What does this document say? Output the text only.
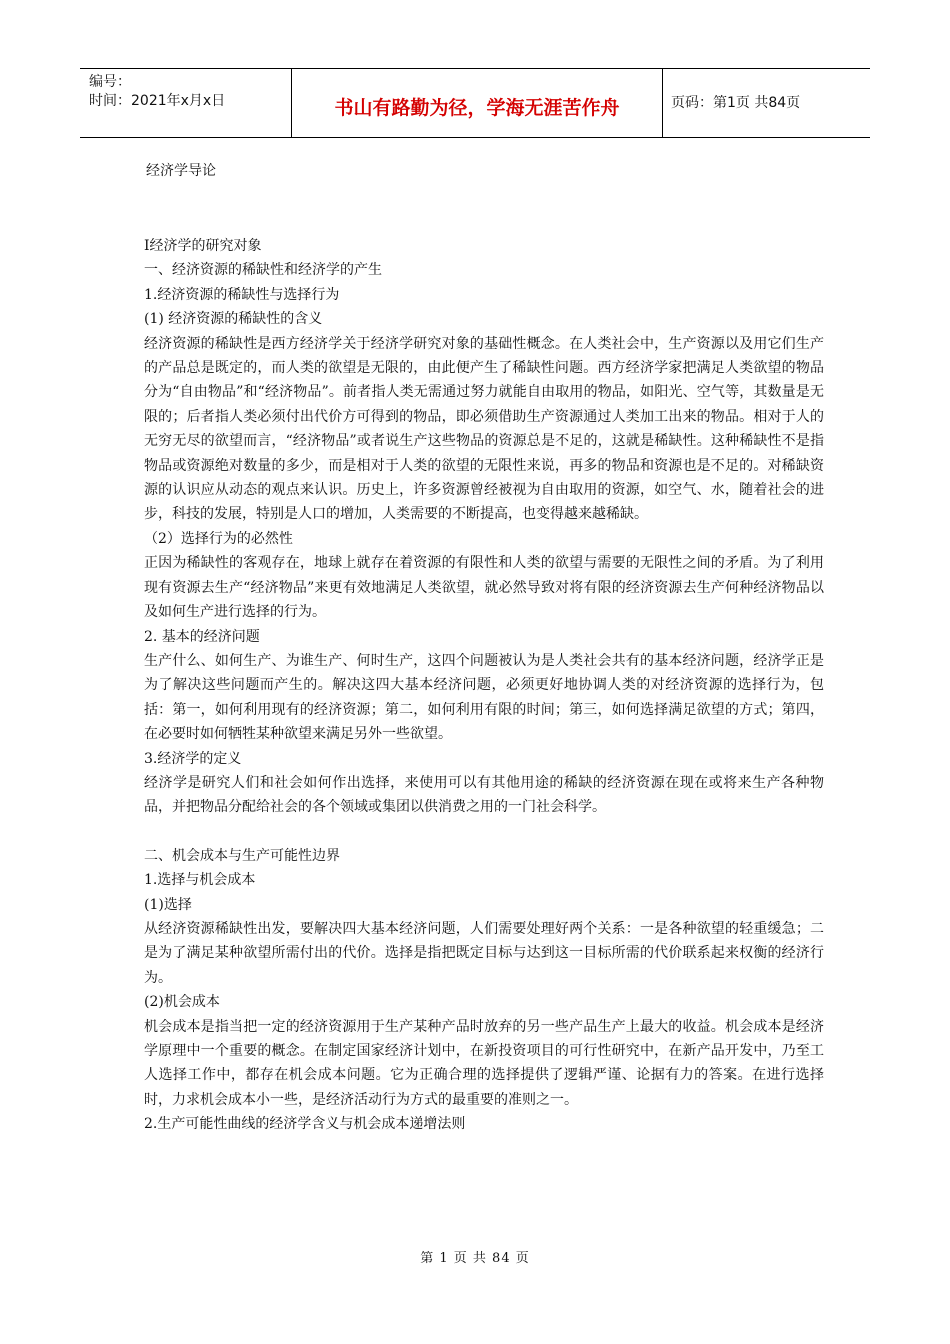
编号：
时间：2021年x月x日	书山有路勤为径，学海无涯苦作舟	页码：第1页 共84页
经济学导论

Ⅰ经济学的研究对象

一、经济资源的稀缺性和经济学的产生

1.经济资源的稀缺性与选择行为

(1) 经济资源的稀缺性的含义

经济资源的稀缺性是西方经济学关于经济学研究对象的基础性概念。在人类社会中，生产资源以及用它们生产的产品总是既定的，而人类的欲望是无限的，由此便产生了稀缺性问题。西方经济学家把满足人类欲望的物品分为“自由物品”和“经济物品”。前者指人类无需通过努力就能自由取用的物品，如阳光、空气等，其数量是无限的；后者指人类必须付出代价方可得到的物品，即必须借助生产资源通过人类加工出来的物品。相对于人的无穷无尽的欲望而言，“经济物品”或者说生产这些物品的资源总是不足的，这就是稀缺性。这种稀缺性不是指物品或资源绝对数量的多少，而是相对于人类的欲望的无限性来说，再多的物品和资源也是不足的。对稀缺资源的认识应从动态的观点来认识。历史上，许多资源曾经被视为自由取用的资源，如空气、水，随着社会的进步，科技的发展，特别是人口的增加，人类需要的不断提高，也变得越来越稀缺。

（2）选择行为的必然性

正因为稀缺性的客观存在，地球上就存在着资源的有限性和人类的欲望与需要的无限性之间的矛盾。为了利用现有资源去生产“经济物品”来更有效地满足人类欲望，就必然导致对将有限的经济资源去生产何种经济物品以及如何生产进行选择的行为。

2. 基本的经济问题

生产什么、如何生产、为谁生产、何时生产，这四个问题被认为是人类社会共有的基本经济问题，经济学正是为了解决这些问题而产生的。解决这四大基本经济问题，必须更好地协调人类的对经济资源的选择行为，包括：第一，如何利用现有的经济资源；第二，如何利用有限的时间；第三，如何选择满足欲望的方式；第四，在必要时如何牺牲某种欲望来满足另外一些欲望。

3.经济学的定义

经济学是研究人们和社会如何作出选择，来使用可以有其他用途的稀缺的经济资源在现在或将来生产各种物品，并把物品分配给社会的各个领域或集团以供消费之用的一门社会科学。

二、机会成本与生产可能性边界

1.选择与机会成本

(1)选择

从经济资源稀缺性出发，要解决四大基本经济问题，人们需要处理好两个关系：一是各种欲望的轻重缓急；二是为了满足某种欲望所需付出的代价。选择是指把既定目标与达到这一目标所需的代价联系起来权衡的经济行为。

(2)机会成本

机会成本是指当把一定的经济资源用于生产某种产品时放弃的另一些产品生产上最大的收益。机会成本是经济学原理中一个重要的概念。在制定国家经济计划中，在新投资项目的可行性研究中，在新产品开发中，乃至工人选择工作中，都存在机会成本问题。它为正确合理的选择提供了逻辑严谨、论据有力的答案。在进行选择时，力求机会成本小一些，是经济活动行为方式的最重要的准则之一。

2.生产可能性曲线的经济学含义与机会成本递增法则

第 1 页 共 84 页
